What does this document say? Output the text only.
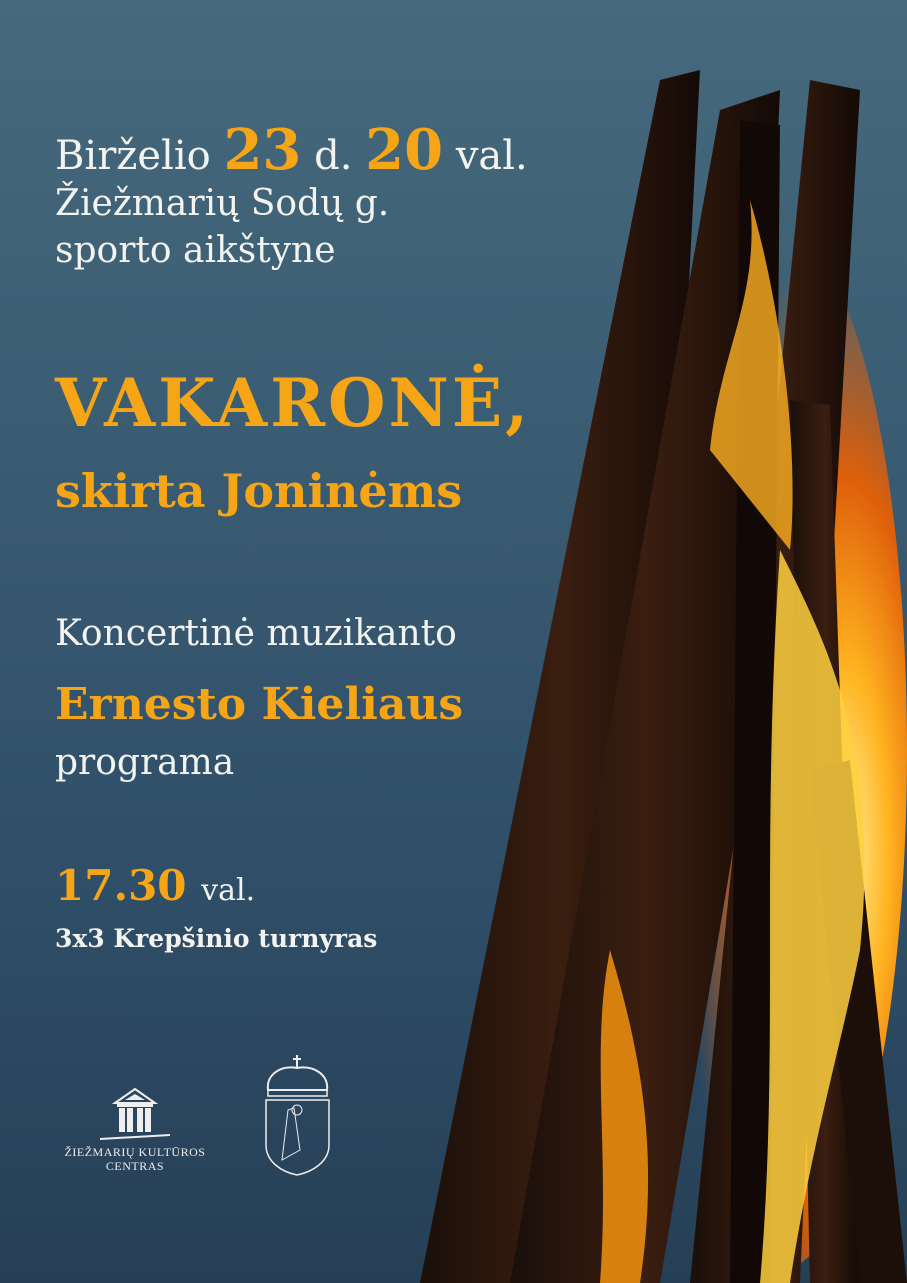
Birželio 23 d. 20 val.

Žiežmarių Sodų g.

sporto aikštyne

VAKARONĖ,

skirta Joninėms

Koncertinė muzikanto

Ernesto Kieliaus

programa

17.30 val.

3x3 Krepšinio turnyras

ŽIEŽMARIŲ KULTŪROS CENTRAS
